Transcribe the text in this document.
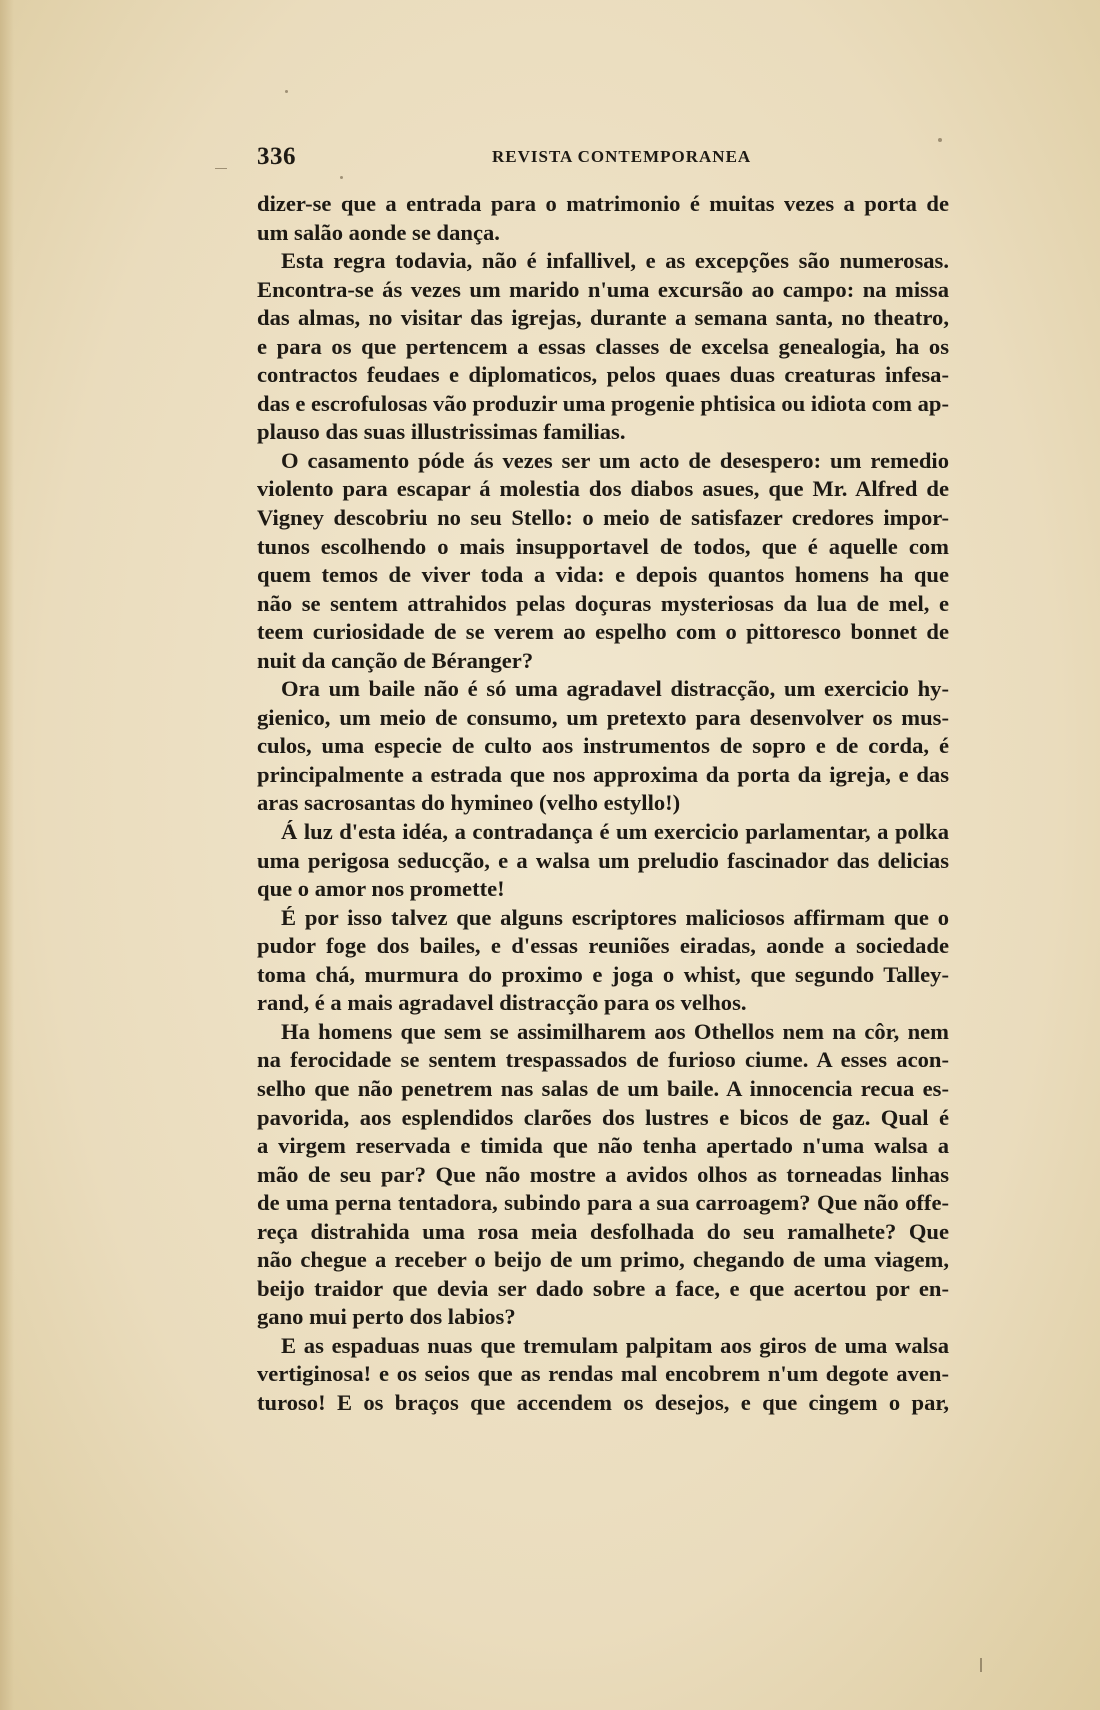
336	REVISTA CONTEMPORANEA

dizer-se que a entrada para o matrimonio é muitas vezes a porta de
um salão aonde se dança.
Esta regra todavia, não é infallivel, e as excepções são numerosas.
Encontra-se ás vezes um marido n'uma excursão ao campo: na missa
das almas, no visitar das igrejas, durante a semana santa, no theatro,
e para os que pertencem a essas classes de excelsa genealogia, ha os
contractos feudaes e diplomaticos, pelos quaes duas creaturas infesa-
das e escrofulosas vão produzir uma progenie phtisica ou idiota com ap-
plauso das suas illustrissimas familias.
O casamento póde ás vezes ser um acto de desespero: um remedio
violento para escapar á molestia dos diabos asues, que Mr. Alfred de
Vigney descobriu no seu Stello: o meio de satisfazer credores impor-
tunos escolhendo o mais insupportavel de todos, que é aquelle com
quem temos de viver toda a vida: e depois quantos homens ha que
não se sentem attrahidos pelas doçuras mysteriosas da lua de mel, e
teem curiosidade de se verem ao espelho com o pittoresco bonnet de
nuit da canção de Béranger?
Ora um baile não é só uma agradavel distracção, um exercicio hy-
gienico, um meio de consumo, um pretexto para desenvolver os mus-
culos, uma especie de culto aos instrumentos de sopro e de corda, é
principalmente a estrada que nos approxima da porta da igreja, e das
aras sacrosantas do hymineo (velho estyllo!)
Á luz d'esta idéa, a contradança é um exercicio parlamentar, a polka
uma perigosa seducção, e a walsa um preludio fascinador das delicias
que o amor nos promette!
É por isso talvez que alguns escriptores maliciosos affirmam que o
pudor foge dos bailes, e d'essas reuniões eiradas, aonde a sociedade
toma chá, murmura do proximo e joga o whist, que segundo Talley-
rand, é a mais agradavel distracção para os velhos.
Ha homens que sem se assimilharem aos Othellos nem na côr, nem
na ferocidade se sentem trespassados de furioso ciume. A esses acon-
selho que não penetrem nas salas de um baile. A innocencia recua es-
pavorida, aos esplendidos clarões dos lustres e bicos de gaz. Qual é
a virgem reservada e timida que não tenha apertado n'uma walsa a
mão de seu par? Que não mostre a avidos olhos as torneadas linhas
de uma perna tentadora, subindo para a sua carroagem? Que não offe-
reça distrahida uma rosa meia desfolhada do seu ramalhete? Que
não chegue a receber o beijo de um primo, chegando de uma viagem,
beijo traidor que devia ser dado sobre a face, e que acertou por en-
gano mui perto dos labios?
E as espaduas nuas que tremulam palpitam aos giros de uma walsa
vertiginosa! e os seios que as rendas mal encobrem n'um degote aven-
turoso! E os braços que accendem os desejos, e que cingem o par,
